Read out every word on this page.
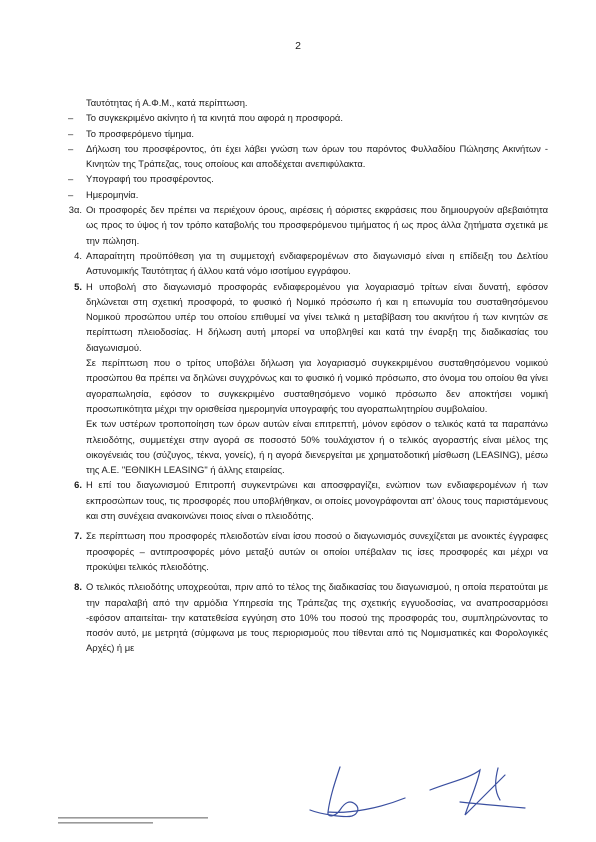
2
Ταυτότητας ή Α.Φ.Μ., κατά περίπτωση.
– Το συγκεκριμένο ακίνητο ή τα κινητά που αφορά η προσφορά.
– Το προσφερόμενο τίμημα.
– Δήλωση του προσφέροντος, ότι έχει λάβει γνώση των όρων του παρόντος Φυλλαδίου Πώλησης Ακινήτων - Κινητών της Τράπεζας, τους οποίους και αποδέχεται ανεπιφύλακτα.
– Υπογραφή του προσφέροντος.
– Ημερομηνία.
3α. Οι προσφορές δεν πρέπει να περιέχουν όρους, αιρέσεις ή αόριστες εκφράσεις που δημιουργούν αβεβαιότητα ως προς το ύψος ή τον τρόπο καταβολής του προσφερόμενου τιμήματος ή ως προς άλλα ζητήματα σχετικά με την πώληση.
4. Απαραίτητη προϋπόθεση για τη συμμετοχή ενδιαφερομένων στο διαγωνισμό είναι η επίδειξη του Δελτίου Αστυνομικής Ταυτότητας ή άλλου κατά νόμο ισοτίμου εγγράφου.
5. Η υποβολή στο διαγωνισμό προσφοράς ενδιαφερομένου για λογαριασμό τρίτων είναι δυνατή, εφόσον δηλώνεται στη σχετική προσφορά, το φυσικό ή Νομικό πρόσωπο ή και η επωνυμία του συσταθησόμενου Νομικού προσώπου υπέρ του οποίου επιθυμεί να γίνει τελικά η μεταβίβαση του ακινήτου ή των κινητών σε περίπτωση πλειοδοσίας. Η δήλωση αυτή μπορεί να υποβληθεί και κατά την έναρξη της διαδικασίας του διαγωνισμού.
Σε περίπτωση που ο τρίτος υποβάλει δήλωση για λογαριασμό συγκεκριμένου συσταθησόμενου νομικού προσώπου θα πρέπει να δηλώνει συγχρόνως και το φυσικό ή νομικό πρόσωπο, στο όνομα του οποίου θα γίνει αγοραπωλησία, εφόσον το συγκεκριμένο συσταθησόμενο νομικό πρόσωπο δεν αποκτήσει νομική προσωπικότητα μέχρι την ορισθείσα ημερομηνία υπογραφής του αγοραπωλητηρίου συμβολαίου.
Εκ των υστέρων τροποποίηση των όρων αυτών είναι επιτρεπτή, μόνον εφόσον ο τελικός κατά τα παραπάνω πλειοδότης, συμμετέχει στην αγορά σε ποσοστό 50% τουλάχιστον ή ο τελικός αγοραστής είναι μέλος της οικογένειάς του (σύζυγος, τέκνα, γονείς), ή η αγορά διενεργείται με χρηματοδοτική μίσθωση (LEASING), μέσω της Α.Ε. "ΕΘΝΙΚΗ LEASING" ή άλλης εταιρείας.
6. Η επί του διαγωνισμού Επιτροπή συγκεντρώνει και αποσφραγίζει, ενώπιον των ενδιαφερομένων ή των εκπροσώπων τους, τις προσφορές που υποβλήθηκαν, οι οποίες μονογράφονται απ' όλους τους παριστάμενους και στη συνέχεια ανακοινώνει ποιος είναι ο πλειοδότης.
7. Σε περίπτωση που προσφορές πλειοδοτών είναι ίσου ποσού ο διαγωνισμός συνεχίζεται με ανοικτές έγγραφες προσφορές – αντιπροσφορές μόνο μεταξύ αυτών οι οποίοι υπέβαλαν τις ίσες προσφορές και μέχρι να προκύψει τελικός πλειοδότης.
8. Ο τελικός πλειοδότης υποχρεούται, πριν από το τέλος της διαδικασίας του διαγωνισμού, η οποία περατούται με την παραλαβή από την αρμόδια Υπηρεσία της Τράπεζας της σχετικής εγγυοδοσίας, να αναπροσαρμόσει -εφόσον απαιτείται- την κατατεθείσα εγγύηση στο 10% του ποσού της προσφοράς του, συμπληρώνοντας το ποσόν αυτό, με μετρητά (σύμφωνα με τους περιορισμούς που τίθενται από τις Νομισματικές και Φορολογικές Αρχές) ή με
